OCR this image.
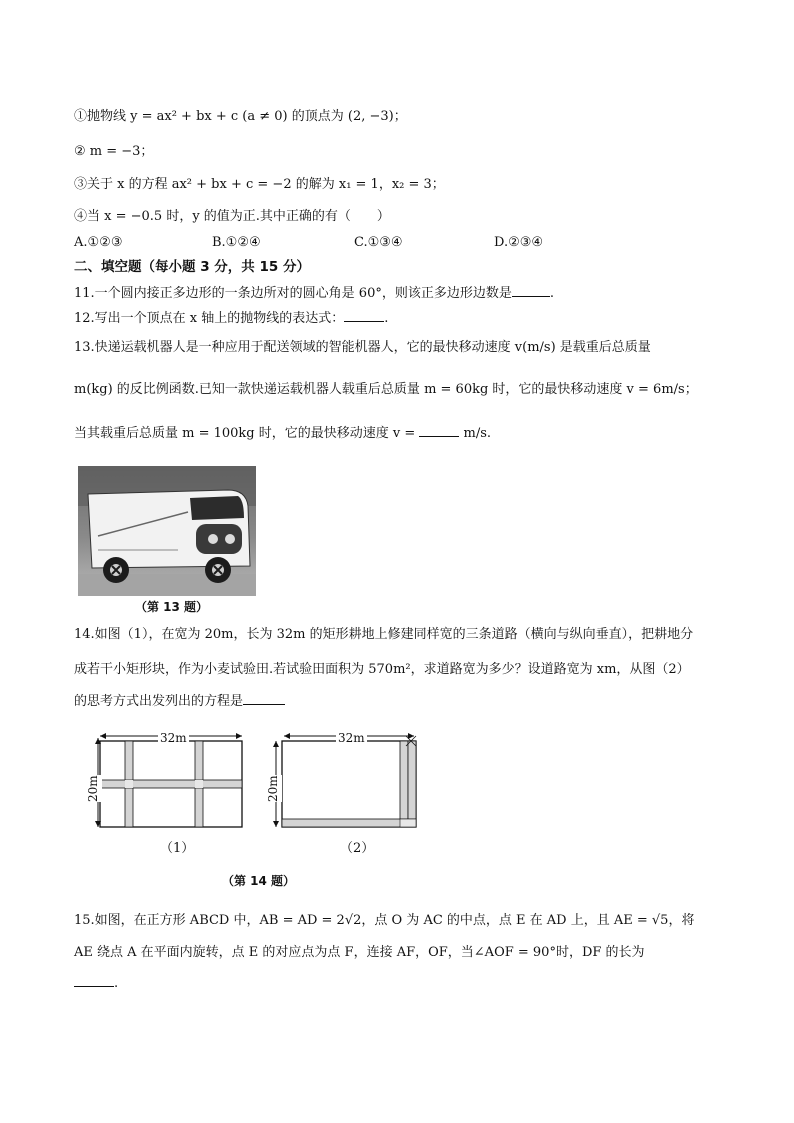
①抛物线 y = ax² + bx + c (a ≠ 0) 的顶点为 (2, −3)；
② m = −3；
③关于 x 的方程 ax² + bx + c = −2 的解为 x₁ = 1，x₂ = 3；
④当 x = −0.5 时，y 的值为正.其中正确的有（　　）
A.①②③	B.①②④	C.①③④	D.②③④
二、填空题（每小题 3 分，共 15 分）
11.一个圆内接正多边形的一条边所对的圆心角是 60°，则该正多边形边数是	.
12.写出一个顶点在 x 轴上的抛物线的表达式：	.
13.快递运载机器人是一种应用于配送领域的智能机器人，它的最快移动速度 v(m/s) 是载重后总质量
m(kg) 的反比例函数.已知一款快递运载机器人载重后总质量 m = 60kg 时，它的最快移动速度 v = 6m/s；
当其载重后总质量 m = 100kg 时，它的最快移动速度 v =	m/s.
（第 13 题）
14.如图（1），在宽为 20m，长为 32m 的矩形耕地上修建同样宽的三条道路（横向与纵向垂直），把耕地分
成若干小矩形块，作为小麦试验田.若试验田面积为 570m²，求道路宽为多少？设道路宽为 xm，从图（2）
的思考方式出发列出的方程是
32m
20m
（1）
32m
20m
（2）
（第 14 题）
15.如图，在正方形 ABCD 中，AB = AD = 2√2，点 O 为 AC 的中点，点 E 在 AD 上，且 AE = √5，将
AE 绕点 A 在平面内旋转，点 E 的对应点为点 F，连接 AF，OF，当∠AOF = 90°时，DF 的长为
.
